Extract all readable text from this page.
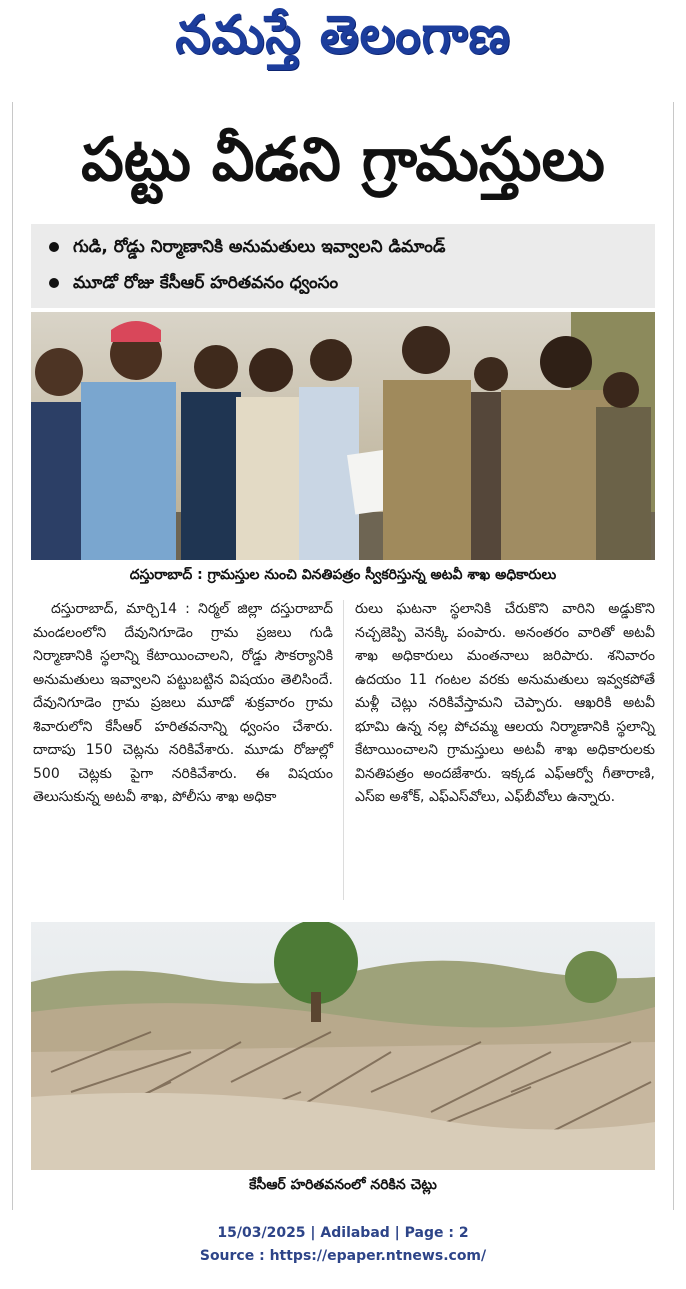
నమస్తే తెలంగాణ
పట్టు వీడని గ్రామస్తులు
గుడి, రోడ్డు నిర్మాణానికి అనుమతులు ఇవ్వాలని డిమాండ్
మూడో రోజు కేసీఆర్‌ హరితవనం ధ్వంసం
దస్తురాబాద్‌ : గ్రామస్తుల నుంచి వినతిపత్రం స్వీకరిస్తున్న అటవీ శాఖ అధికారులు

దస్తురాబాద్‌, మార్చి14 : నిర్మల్‌ జిల్లా దస్తురాబాద్‌ మండలంలోని దేవునిగూడెం గ్రామ ప్రజలు గుడి నిర్మాణానికి స్థలాన్ని కేటాయించాలని, రోడ్డు సౌకర్యానికి అనుమతులు ఇవ్వాలని పట్టుబట్టిన విషయం తెలిసిందే. దేవునిగూడెం గ్రామ ప్రజలు మూడో శుక్రవారం గ్రామ శివారులోని కేసీఆర్‌ హరితవనాన్ని ధ్వంసం చేశారు. దాదాపు 150 చెట్లను నరికివేశారు. మూడు రోజుల్లో 500 చెట్లకు పైగా నరికివేశారు. ఈ విషయం తెలుసుకున్న అటవీ శాఖ, పోలీసు శాఖ అధికా

రులు ఘటనా స్థలానికి చేరుకొని వారిని అడ్డుకొని నచ్చజెప్పి వెనక్కి పంపారు. అనంతరం వారితో అటవీ శాఖ అధికారులు మంతనాలు జరిపారు. శనివారం ఉదయం 11 గంటల వరకు అనుమతులు ఇవ్వకపోతే మళ్లీ చెట్లు నరికివేస్తామని చెప్పారు. ఆఖరికి అటవీ భూమి ఉన్న నల్ల పోచమ్మ ఆలయ నిర్మాణానికి స్థలాన్ని కేటాయించాలని గ్రామస్తులు అటవీ శాఖ అధికారులకు వినతిపత్రం అందజేశారు. ఇక్కడ ఎఫ్‌ఆర్వో గీతారాణి, ఎస్‌ఐ అశోక్‌, ఎఫ్‌ఎస్‌వోలు, ఎఫ్‌బీవోలు ఉన్నారు.

కేసీఆర్‌ హరితవనంలో నరికిన చెట్లు
15/03/2025 | Adilabad | Page : 2
Source : https://epaper.ntnews.com/
